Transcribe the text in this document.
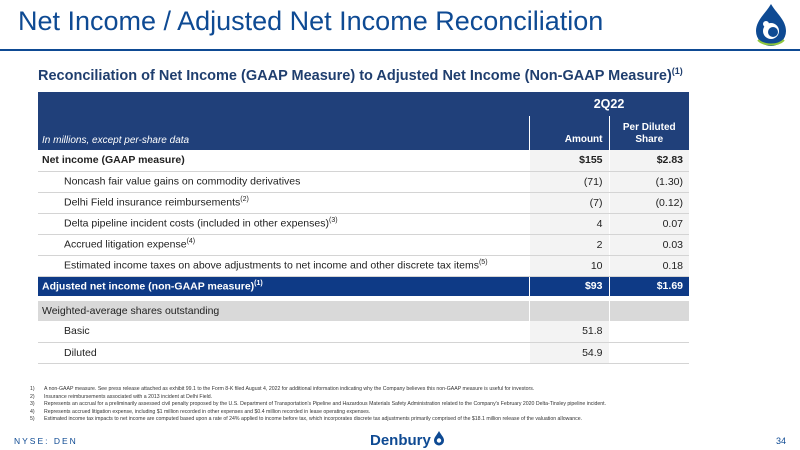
Net Income / Adjusted Net Income Reconciliation
Reconciliation of Net Income (GAAP Measure) to Adjusted Net Income (Non-GAAP Measure)$^{(1)}$
	2Q22	
In millions, except per-share data	Amount	Per Diluted Share
Net income (GAAP measure)	$155	$2.83
Noncash fair value gains on commodity derivatives	(71)	(1.30)
Delhi Field insurance reimbursements$^{(2)}$	(7)	(0.12)
Delta pipeline incident costs (included in other expenses)$^{(3)}$	4	0.07
Accrued litigation expense$^{(4)}$	2	0.03
Estimated income taxes on above adjustments to net income and other discrete tax items$^{(5)}$	10	0.18
Adjusted net income (non-GAAP measure)$^{(1)}$	$93	$1.69

Weighted-average shares outstanding		
Basic	51.8	
Diluted	54.9	
1)	A non-GAAP measure. See press release attached as exhibit 99.1 to the Form 8-K filed August 4, 2022 for additional information indicating why the Company believes this non-GAAP measure is useful for investors.
2)	Insurance reimbursements associated with a 2013 incident at Delhi Field.
3)	Represents an accrual for a preliminarily assessed civil penalty proposed by the U.S. Department of Transportation's Pipeline and Hazardous Materials Safety Administration related to the Company's February 2020 Delta-Tinsley pipeline incident.
4)	Represents accrued litigation expense, including $1 million recorded in other expenses and $0.4 million recorded in lease operating expenses.
5)	Estimated income tax impacts to net income are computed based upon a rate of 24% applied to income before tax, which incorporates discrete tax adjustments primarily comprised of the $18.1 million release of the valuation allowance.
NYSE: DEN	Denbury	34
